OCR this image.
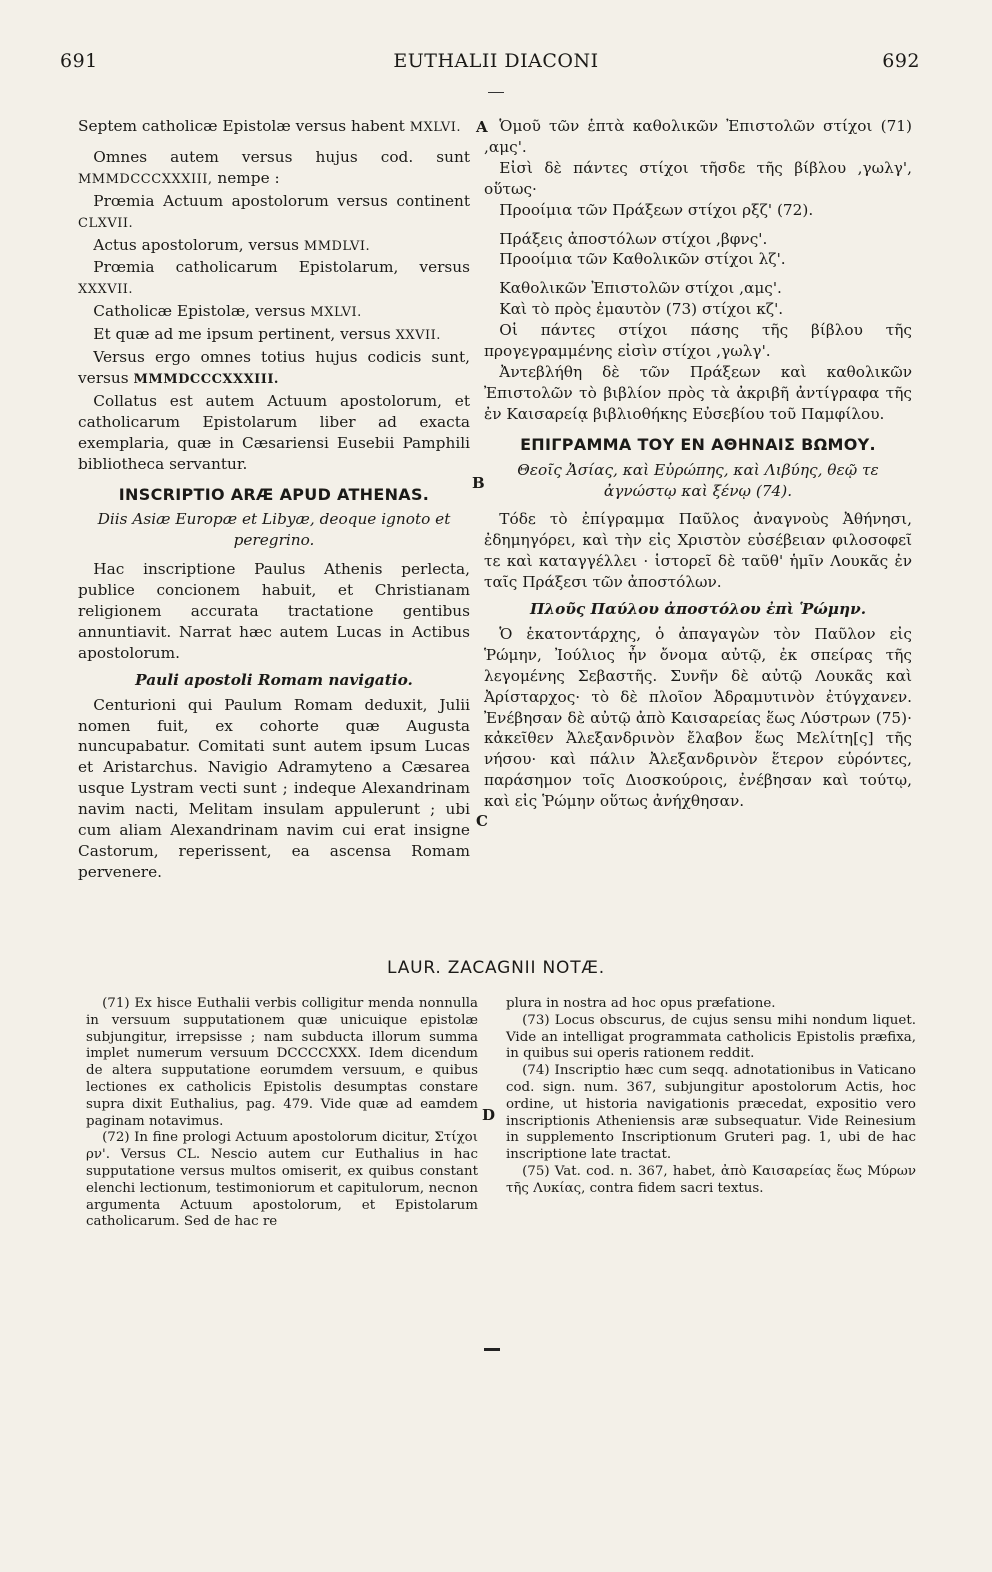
691	EUTHALII DIACONI	692
A
B
C
D

Septem catholicæ Epistolæ versus habent MXLVI.

Omnes autem versus hujus cod. sunt MMMDCCCXXXIII, nempe :

Prœmia Actuum apostolorum versus continent CLXVII.

Actus apostolorum, versus MMDLVI.

Prœmia catholicarum Epistolarum, versus XXXVII.

Catholicæ Epistolæ, versus MXLVI.

Et quæ ad me ipsum pertinent, versus XXVII.

Versus ergo omnes totius hujus codicis sunt, versus MMMDCCCXXXIII.

Collatus est autem Actuum apostolorum, et catholicarum Epistolarum liber ad exacta exemplaria, quæ in Cæsariensi Eusebii Pamphili bibliotheca servantur.

INSCRIPTIO ARÆ APUD ATHENAS.

Diis Asiæ Europæ et Libyæ, deoque ignoto et peregrino.

Hac inscriptione Paulus Athenis perlecta, publice concionem habuit, et Christianam religionem accurata tractatione gentibus annuntiavit. Narrat hæc autem Lucas in Actibus apostolorum.

Pauli apostoli Romam navigatio.

Centurioni qui Paulum Romam deduxit, Julii nomen fuit, ex cohorte quæ Augusta nuncupabatur. Comitati sunt autem ipsum Lucas et Aristarchus. Navigio Adramyteno a Cæsarea usque Lystram vecti sunt ; indeque Alexandrinam navim nacti, Melitam insulam appulerunt ; ubi cum aliam Alexandrinam navim cui erat insigne Castorum, reperissent, ea ascensa Romam pervenere.

Ὁμοῦ τῶν ἑπτὰ καθολικῶν Ἐπιστολῶν στίχοι (71) ,αμς'.

Εἰσὶ δὲ πάντες στίχοι τῆσδε τῆς βίβλου ,γωλγ', οὕτως·

Προοίμια τῶν Πράξεων στίχοι ρξζ' (72).

Πράξεις ἀποστόλων στίχοι ,βφνς'.

Προοίμια τῶν Καθολικῶν στίχοι λζ'.

Καθολικῶν Ἐπιστολῶν στίχοι ,αμς'.

Καὶ τὸ πρὸς ἐμαυτὸν (73) στίχοι κζ'.

Οἱ πάντες στίχοι πάσης τῆς βίβλου τῆς προγεγραμμένης εἰσὶν στίχοι ,γωλγ'.

Ἀντεβλήθη δὲ τῶν Πράξεων καὶ καθολικῶν Ἐπιστολῶν τὸ βιβλίον πρὸς τὰ ἀκριβῆ ἀντίγραφα τῆς ἐν Καισαρείᾳ βιβλιοθήκης Εὐσεβίου τοῦ Παμφίλου.

ΕΠΙΓΡΑΜΜΑ ΤΟΥ ΕΝ ΑΘΗΝΑΙΣ ΒΩΜΟΥ.

Θεοῖς Ἀσίας, καὶ Εὐρώπης, καὶ Λιβύης, θεῷ τε ἀγνώστῳ καὶ ξένῳ (74).

Τόδε τὸ ἐπίγραμμα Παῦλος ἀναγνοὺς Ἀθήνησι, ἐδημηγόρει, καὶ τὴν εἰς Χριστὸν εὐσέβειαν φιλοσοφεῖ τε καὶ καταγγέλλει · ἱστορεῖ δὲ ταῦθ' ἡμῖν Λουκᾶς ἐν ταῖς Πράξεσι τῶν ἀποστόλων.

Πλοῦς Παύλου ἀποστόλου ἐπὶ Ῥώμην.

Ὁ ἑκατοντάρχης, ὁ ἀπαγαγὼν τὸν Παῦλον εἰς Ῥώμην, Ἰούλιος ἦν ὄνομα αὐτῷ, ἐκ σπείρας τῆς λεγομένης Σεβαστῆς. Συνῆν δὲ αὐτῷ Λουκᾶς καὶ Ἀρίσταρχος· τὸ δὲ πλοῖον Ἀδραμυτινὸν ἐτύγχανεν. Ἐνέβησαν δὲ αὐτῷ ἀπὸ Καισαρείας ἕως Λύστρων (75)· κἀκεῖθεν Ἀλεξανδρινὸν ἔλαβον ἕως Μελίτη[ς] τῆς νήσου· καὶ πάλιν Ἀλεξανδρινὸν ἕτερον εὑρόντες, παράσημον τοῖς Διοσκούροις, ἐνέβησαν καὶ τούτῳ, καὶ εἰς Ῥώμην οὕτως ἀνήχθησαν.

LAUR. ZACAGNII NOTÆ.

(71) Ex hisce Euthalii verbis colligitur menda nonnulla in versuum supputationem quæ unicuique epistolæ subjungitur, irrepsisse ; nam subducta illorum summa implet numerum versuum DCCCCXXX. Idem dicendum de altera supputatione eorumdem versuum, e quibus lectiones ex catholicis Epistolis desumptas constare supra dixit Euthalius, pag. 479. Vide quæ ad eamdem paginam notavimus.

(72) In fine prologi Actuum apostolorum dicitur, Στίχοι ρν'. Versus CL. Nescio autem cur Euthalius in hac supputatione versus multos omiserit, ex quibus constant elenchi lectionum, testimoniorum et capitulorum, necnon argumenta Actuum apostolorum, et Epistolarum catholicarum. Sed de hac re

plura in nostra ad hoc opus præfatione.

(73) Locus obscurus, de cujus sensu mihi nondum liquet. Vide an intelligat programmata catholicis Epistolis præfixa, in quibus sui operis rationem reddit.

(74) Inscriptio hæc cum seqq. adnotationibus in Vaticano cod. sign. num. 367, subjungitur apostolorum Actis, hoc ordine, ut historia navigationis præcedat, expositio vero inscriptionis Atheniensis aræ subsequatur. Vide Reinesium in supplemento Inscriptionum Gruteri pag. 1, ubi de hac inscriptione late tractat.

(75) Vat. cod. n. 367, habet, ἀπὸ Καισαρείας ἕως Μύρων τῆς Λυκίας, contra fidem sacri textus.
